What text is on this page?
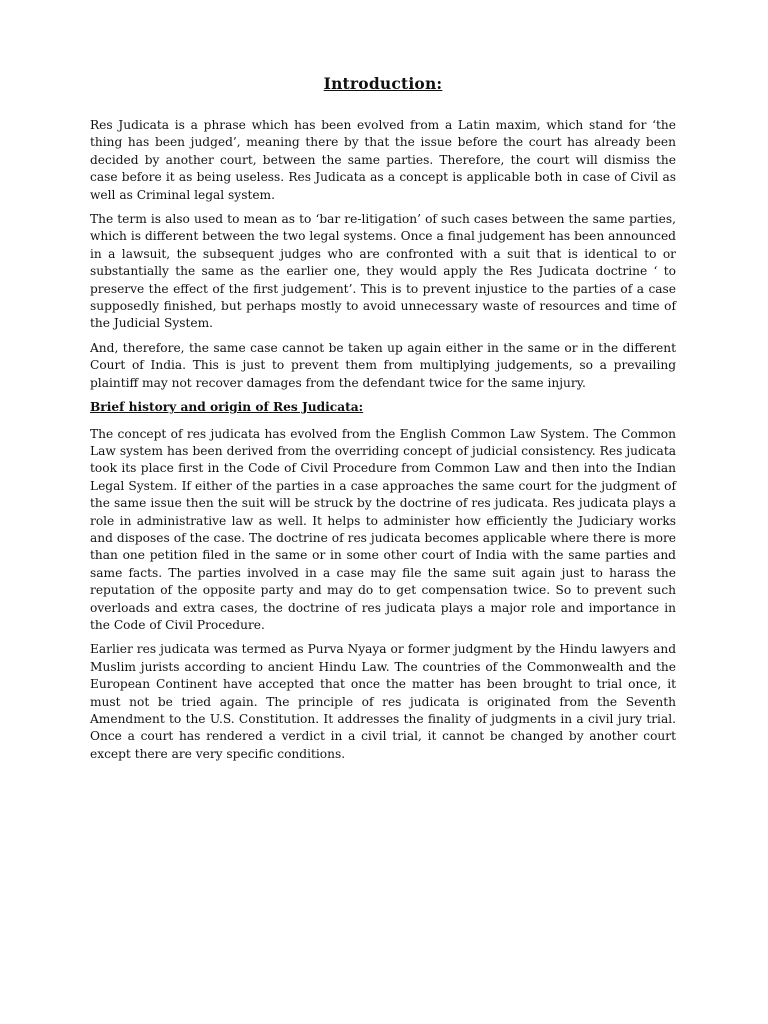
Introduction:

Res Judicata is a phrase which has been evolved from a Latin maxim, which stand for ‘the thing has been judged’, meaning there by that the issue before the court has already been decided by another court, between the same parties. Therefore, the court will dismiss the case before it as being useless. Res Judicata as a concept is applicable both in case of Civil as well as Criminal legal system.

The term is also used to mean as to ‘bar re-litigation’ of such cases between the same parties, which is different between the two legal systems. Once a final judgement has been announced in a lawsuit, the subsequent judges who are confronted with a suit that is identical to or substantially the same as the earlier one, they would apply the Res Judicata doctrine ‘ to preserve the effect of the first judgement’. This is to prevent injustice to the parties of a case supposedly finished, but perhaps mostly to avoid unnecessary waste of resources and time of the Judicial System.

And, therefore, the same case cannot be taken up again either in the same or in the different Court of India. This is just to prevent them from multiplying judgements, so a prevailing plaintiff may not recover damages from the defendant twice for the same injury.

Brief history and origin of Res Judicata:

The concept of res judicata has evolved from the English Common Law System. The Common Law system has been derived from the overriding concept of judicial consistency. Res judicata took its place first in the Code of Civil Procedure from Common Law and then into the Indian Legal System. If either of the parties in a case approaches the same court for the judgment of the same issue then the suit will be struck by the doctrine of res judicata. Res judicata plays a role in administrative law as well. It helps to administer how efficiently the Judiciary works and disposes of the case. The doctrine of res judicata becomes applicable where there is more than one petition filed in the same or in some other court of India with the same parties and same facts. The parties involved in a case may file the same suit again just to harass the reputation of the opposite party and may do to get compensation twice. So to prevent such overloads and extra cases, the doctrine of res judicata plays a major role and importance in the Code of Civil Procedure.

Earlier res judicata was termed as Purva Nyaya or former judgment by the Hindu lawyers and Muslim jurists according to ancient Hindu Law. The countries of the Commonwealth and the European Continent have accepted that once the matter has been brought to trial once, it must not be tried again. The principle of res judicata is originated from the Seventh Amendment to the U.S. Constitution. It addresses the finality of judgments in a civil jury trial. Once a court has rendered a verdict in a civil trial, it cannot be changed by another court except there are very specific conditions.
